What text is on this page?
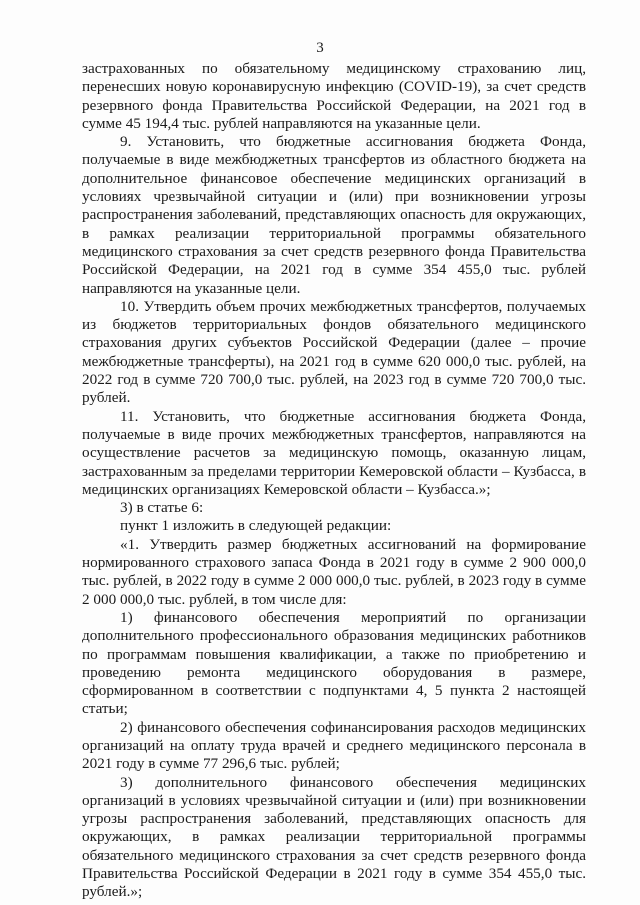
3

застрахованных по обязательному медицинскому страхованию лиц, перенесших новую коронавирусную инфекцию (COVID-19), за счет средств резервного фонда Правительства Российской Федерации, на 2021 год в сумме 45 194,4 тыс. рублей направляются на указанные цели.

9. Установить, что бюджетные ассигнования бюджета Фонда, получаемые в виде межбюджетных трансфертов из областного бюджета на дополнительное финансовое обеспечение медицинских организаций в условиях чрезвычайной ситуации и (или) при возникновении угрозы распространения заболеваний, представляющих опасность для окружающих, в рамках реализации территориальной программы обязательного медицинского страхования за счет средств резервного фонда Правительства Российской Федерации, на 2021 год в сумме 354 455,0 тыс. рублей направляются на указанные цели.

10. Утвердить объем прочих межбюджетных трансфертов, получаемых из бюджетов территориальных фондов обязательного медицинского страхования других субъектов Российской Федерации (далее – прочие межбюджетные трансферты), на 2021 год в сумме 620 000,0 тыс. рублей, на 2022 год в сумме 720 700,0 тыс. рублей, на 2023 год в сумме 720 700,0 тыс. рублей.

11. Установить, что бюджетные ассигнования бюджета Фонда, получаемые в виде прочих межбюджетных трансфертов, направляются на осуществление расчетов за медицинскую помощь, оказанную лицам, застрахованным за пределами территории Кемеровской области – Кузбасса, в медицинских организациях Кемеровской области – Кузбасса.»;

3) в статье 6:

пункт 1 изложить в следующей редакции:

«1. Утвердить размер бюджетных ассигнований на формирование нормированного страхового запаса Фонда в 2021 году в сумме 2 900 000,0 тыс. рублей, в 2022 году в сумме 2 000 000,0 тыс. рублей, в 2023 году в сумме 2 000 000,0 тыс. рублей, в том числе для:

1) финансового обеспечения мероприятий по организации дополнительного профессионального образования медицинских работников по программам повышения квалификации, а также по приобретению и проведению ремонта медицинского оборудования в размере, сформированном в соответствии с подпунктами 4, 5 пункта 2 настоящей статьи;

2) финансового обеспечения софинансирования расходов медицинских организаций на оплату труда врачей и среднего медицинского персонала в 2021 году в сумме 77 296,6 тыс. рублей;

3) дополнительного финансового обеспечения медицинских организаций в условиях чрезвычайной ситуации и (или) при возникновении угрозы распространения заболеваний, представляющих опасность для окружающих, в рамках реализации территориальной программы обязательного медицинского страхования за счет средств резервного фонда Правительства Российской Федерации в 2021 году в сумме 354 455,0 тыс. рублей.»;
